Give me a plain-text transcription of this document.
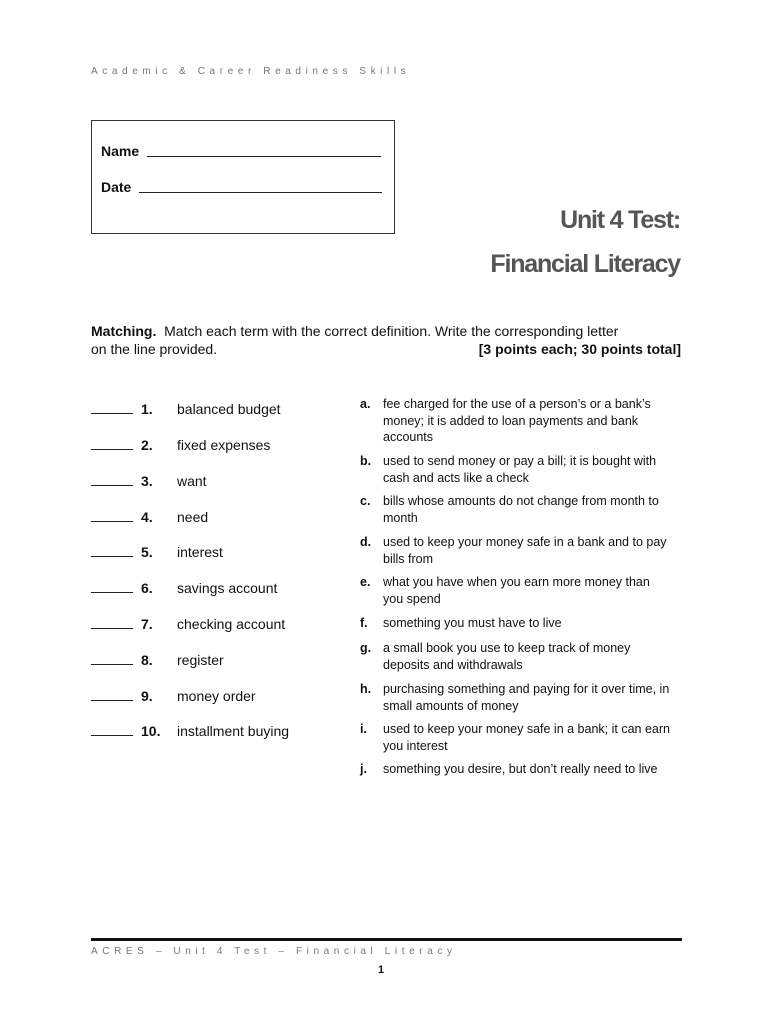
Academic & Career Readiness Skills
Name
Date
Unit 4 Test:
Financial Literacy
Matching. Match each term with the correct definition. Write the corresponding letter
on the line provided.	[3 points each; 30 points total]
1. balanced budget
2. fixed expenses
3. want
4. need
5. interest
6. savings account
7. checking account
8. register
9. money order
10. installment buying
a. fee charged for the use of a person’s or a bank’s money; it is added to loan payments and bank accounts
b. used to send money or pay a bill; it is bought with cash and acts like a check
c. bills whose amounts do not change from month to month
d. used to keep your money safe in a bank and to pay bills from
e. what you have when you earn more money than you spend
f. something you must have to live
g. a small book you use to keep track of money deposits and withdrawals
h. purchasing something and paying for it over time, in small amounts of money
i. used to keep your money safe in a bank; it can earn you interest
j. something you desire, but don’t really need to live
ACRES – Unit 4 Test – Financial Literacy
1
